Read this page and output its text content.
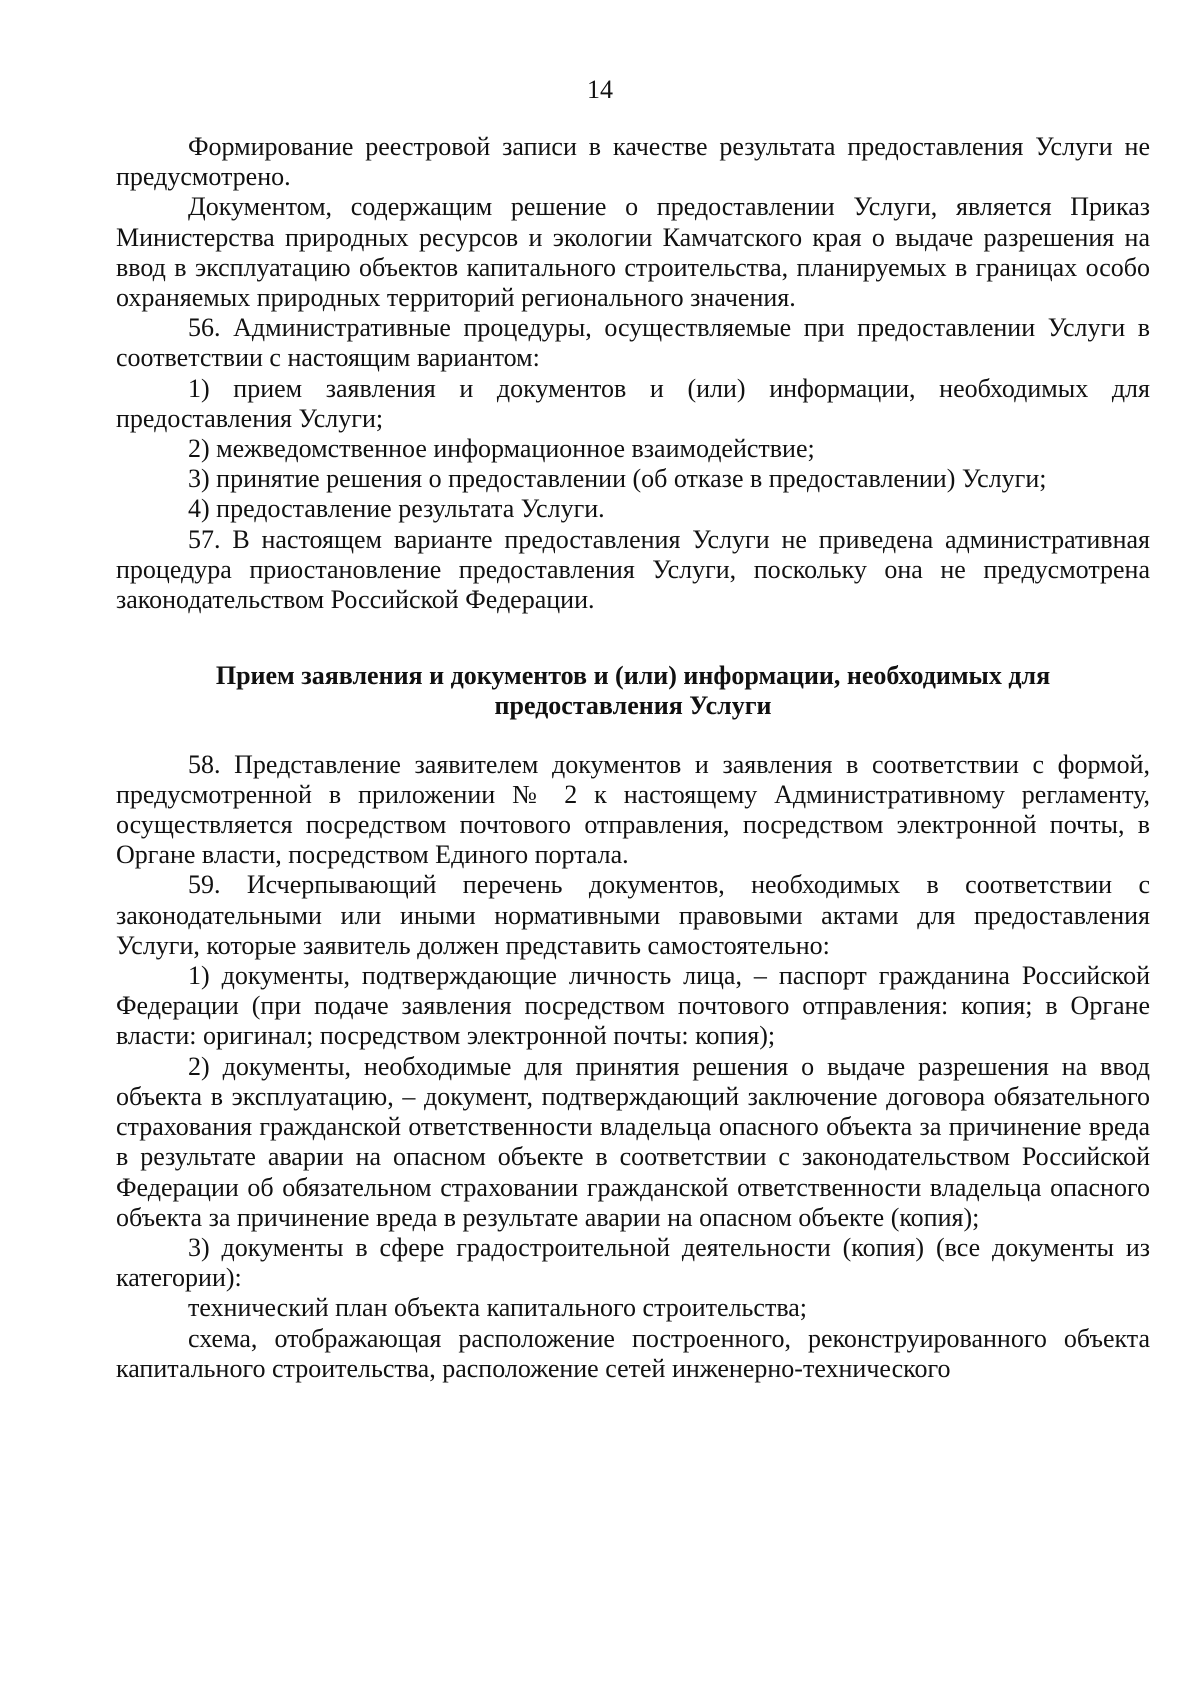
14

Формирование реестровой записи в качестве результата предоставления Услуги не предусмотрено.

Документом, содержащим решение о предоставлении Услуги, является Приказ Министерства природных ресурсов и экологии Камчатского края о выдаче разрешения на ввод в эксплуатацию объектов капитального строительства, планируемых в границах особо охраняемых природных территорий регионального значения.

56. Административные процедуры, осуществляемые при предоставлении Услуги в соответствии с настоящим вариантом:

1) прием заявления и документов и (или) информации, необходимых для предоставления Услуги;

2) межведомственное информационное взаимодействие;

3) принятие решения о предоставлении (об отказе в предоставлении) Услуги;

4) предоставление результата Услуги.

57. В настоящем варианте предоставления Услуги не приведена административная процедура приостановление предоставления Услуги, поскольку она не предусмотрена законодательством Российской Федерации.

Прием заявления и документов и (или) информации, необходимых для предоставления Услуги

58. Представление заявителем документов и заявления в соответствии с формой, предусмотренной в приложении № 2 к настоящему Административному регламенту, осуществляется посредством почтового отправления, посредством электронной почты, в Органе власти, посредством Единого портала.

59. Исчерпывающий перечень документов, необходимых в соответствии с законодательными или иными нормативными правовыми актами для предоставления Услуги, которые заявитель должен представить самостоятельно:

1) документы, подтверждающие личность лица, – паспорт гражданина Российской Федерации (при подаче заявления посредством почтового отправления: копия; в Органе власти: оригинал; посредством электронной почты: копия);

2) документы, необходимые для принятия решения о выдаче разрешения на ввод объекта в эксплуатацию, – документ, подтверждающий заключение договора обязательного страхования гражданской ответственности владельца опасного объекта за причинение вреда в результате аварии на опасном объекте в соответствии с законодательством Российской Федерации об обязательном страховании гражданской ответственности владельца опасного объекта за причинение вреда в результате аварии на опасном объекте (копия);

3) документы в сфере градостроительной деятельности (копия) (все документы из категории):

технический план объекта капитального строительства;

схема, отображающая расположение построенного, реконструированного объекта капитального строительства, расположение сетей инженерно-технического
